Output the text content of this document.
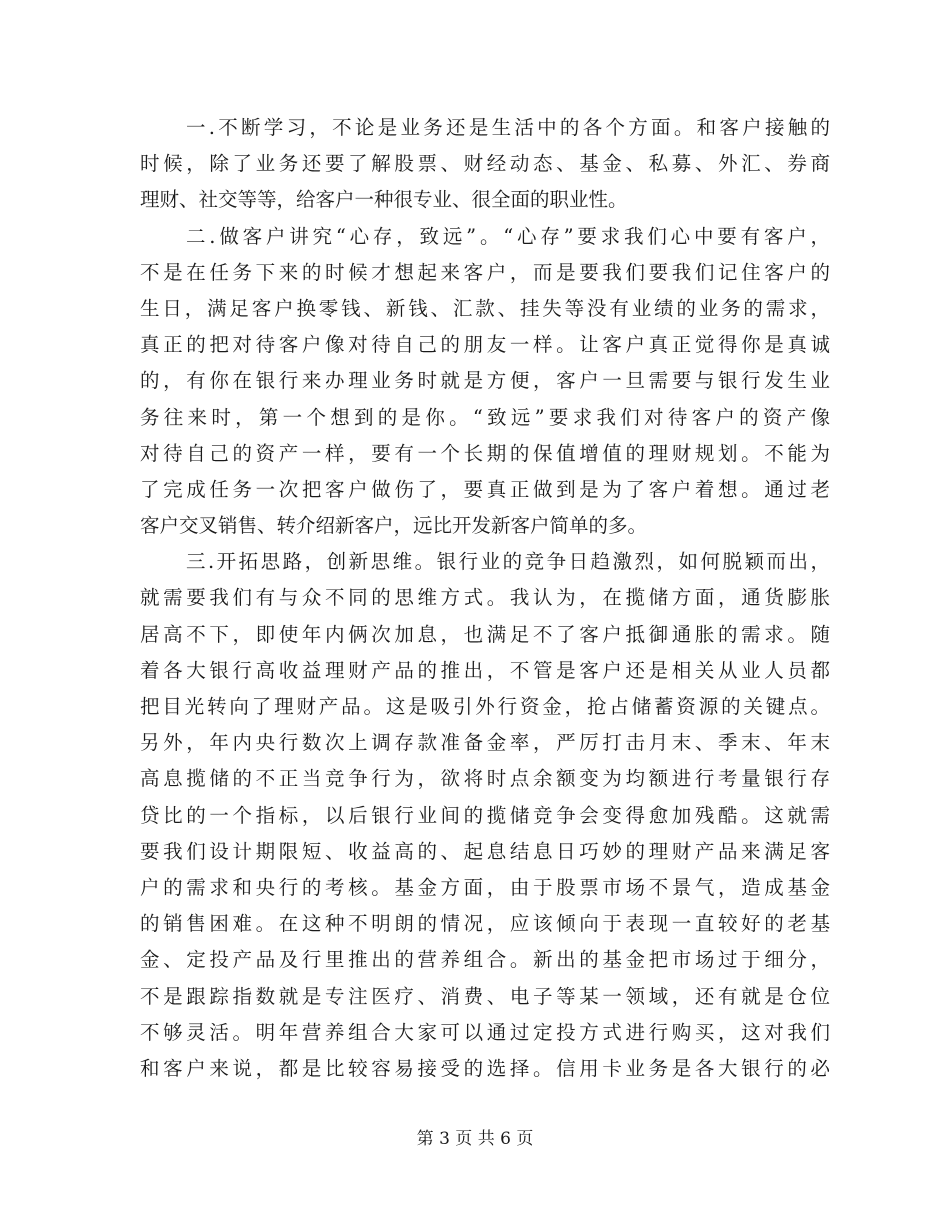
一.不断学习，不论是业务还是生活中的各个方面。和客户接触的
时候，除了业务还要了解股票、财经动态、基金、私募、外汇、券商
理财、社交等等，给客户一种很专业、很全面的职业性。
二.做客户讲究“心存，致远”。“心存”要求我们心中要有客户，
不是在任务下来的时候才想起来客户，而是要我们要我们记住客户的
生日，满足客户换零钱、新钱、汇款、挂失等没有业绩的业务的需求，
真正的把对待客户像对待自己的朋友一样。让客户真正觉得你是真诚
的，有你在银行来办理业务时就是方便，客户一旦需要与银行发生业
务往来时，第一个想到的是你。“致远”要求我们对待客户的资产像
对待自己的资产一样，要有一个长期的保值增值的理财规划。不能为
了完成任务一次把客户做伤了，要真正做到是为了客户着想。通过老
客户交叉销售、转介绍新客户，远比开发新客户简单的多。
三.开拓思路，创新思维。银行业的竞争日趋激烈，如何脱颖而出，
就需要我们有与众不同的思维方式。我认为，在揽储方面，通货膨胀
居高不下，即使年内俩次加息，也满足不了客户抵御通胀的需求。随
着各大银行高收益理财产品的推出，不管是客户还是相关从业人员都
把目光转向了理财产品。这是吸引外行资金，抢占储蓄资源的关键点。
另外，年内央行数次上调存款准备金率，严厉打击月末、季末、年末
高息揽储的不正当竞争行为，欲将时点余额变为均额进行考量银行存
贷比的一个指标，以后银行业间的揽储竞争会变得愈加残酷。这就需
要我们设计期限短、收益高的、起息结息日巧妙的理财产品来满足客
户的需求和央行的考核。基金方面，由于股票市场不景气，造成基金
的销售困难。在这种不明朗的情况，应该倾向于表现一直较好的老基
金、定投产品及行里推出的营养组合。新出的基金把市场过于细分，
不是跟踪指数就是专注医疗、消费、电子等某一领域，还有就是仓位
不够灵活。明年营养组合大家可以通过定投方式进行购买，这对我们
和客户来说，都是比较容易接受的选择。信用卡业务是各大银行的必
第 3 页 共 6 页
